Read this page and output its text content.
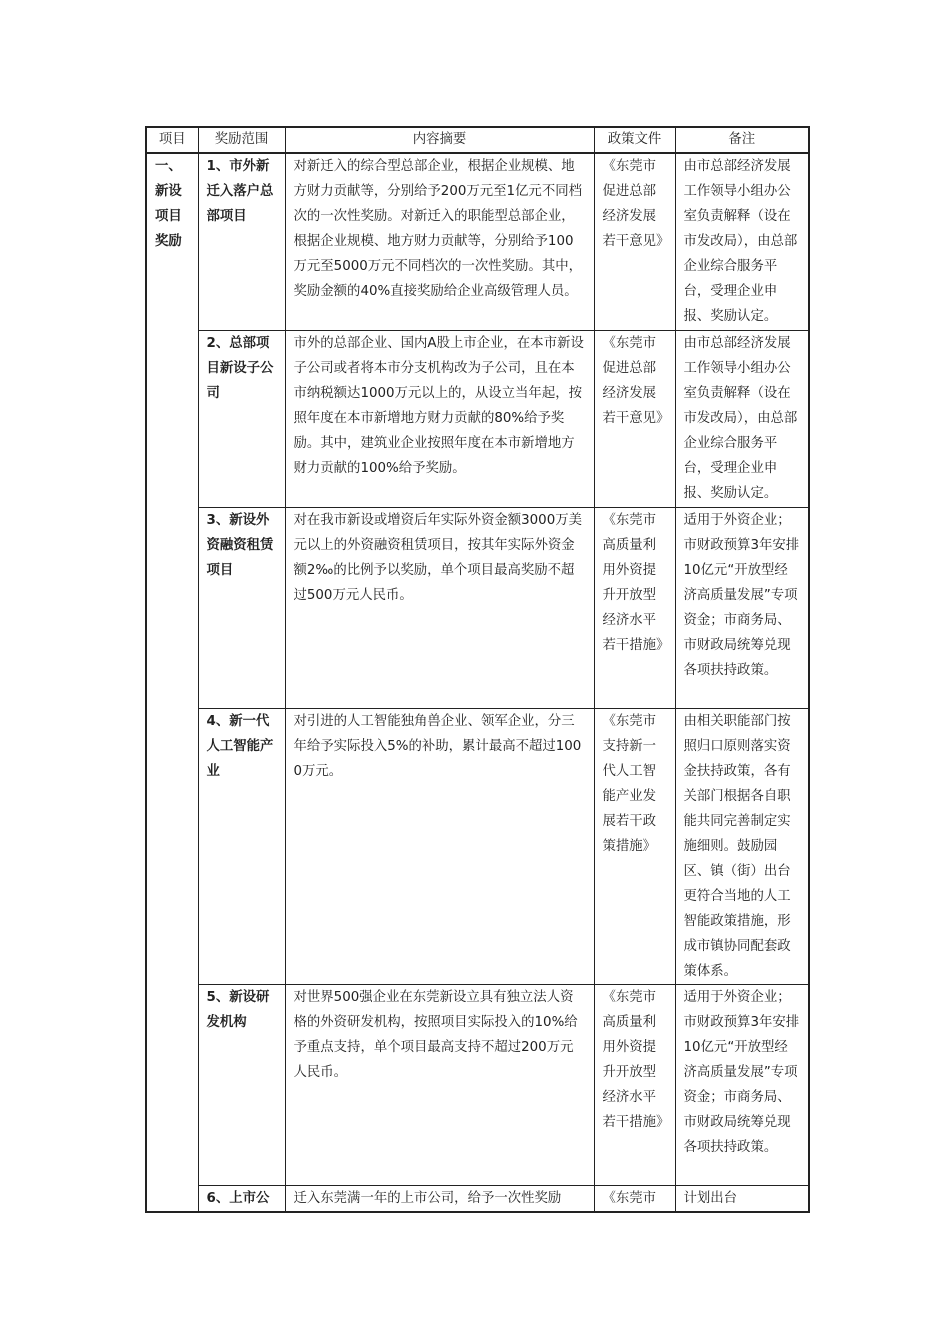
项目	奖励范围	内容摘要	政策文件	备注
一、新设项目奖励	1、市外新迁入落户总部项目	对新迁入的综合型总部企业，根据企业规模、地方财力贡献等，分别给予200万元至1亿元不同档次的一次性奖励。对新迁入的职能型总部企业，根据企业规模、地方财力贡献等，分别给予100万元至5000万元不同档次的一次性奖励。其中，奖励金额的40%直接奖励给企业高级管理人员。	《东莞市促进总部经济发展若干意见》	由市总部经济发展工作领导小组办公室负责解释（设在市发改局），由总部企业综合服务平台，受理企业申报、奖励认定。
	2、总部项目新设子公司	市外的总部企业、国内A股上市企业，在本市新设子公司或者将本市分支机构改为子公司，且在本市纳税额达1000万元以上的，从设立当年起，按照年度在本市新增地方财力贡献的80%给予奖励。其中，建筑业企业按照年度在本市新增地方财力贡献的100%给予奖励。	《东莞市促进总部经济发展若干意见》	由市总部经济发展工作领导小组办公室负责解释（设在市发改局），由总部企业综合服务平台，受理企业申报、奖励认定。
	3、新设外资融资租赁项目	对在我市新设或增资后年实际外资金额3000万美元以上的外资融资租赁项目，按其年实际外资金额2‰的比例予以奖励，单个项目最高奖励不超过500万元人民币。	《东莞市高质量利用外资提升开放型经济水平若干措施》	适用于外资企业；市财政预算3年安排10亿元“开放型经济高质量发展”专项资金；市商务局、市财政局统筹兑现各项扶持政策。
	4、新一代人工智能产业	对引进的人工智能独角兽企业、领军企业，分三年给予实际投入5%的补助，累计最高不超过1000万元。	《东莞市支持新一代人工智能产业发展若干政策措施》	由相关职能部门按照归口原则落实资金扶持政策，各有关部门根据各自职能共同完善制定实施细则。鼓励园区、镇（街）出台更符合当地的人工智能政策措施，形成市镇协同配套政策体系。
	5、新设研发机构	对世界500强企业在东莞新设立具有独立法人资格的外资研发机构，按照项目实际投入的10%给予重点支持，单个项目最高支持不超过200万元人民币。	《东莞市高质量利用外资提升开放型经济水平若干措施》	适用于外资企业；市财政预算3年安排10亿元“开放型经济高质量发展”专项资金；市商务局、市财政局统筹兑现各项扶持政策。
	6、上市公	迁入东莞满一年的上市公司，给予一次性奖励	《东莞市	计划出台
